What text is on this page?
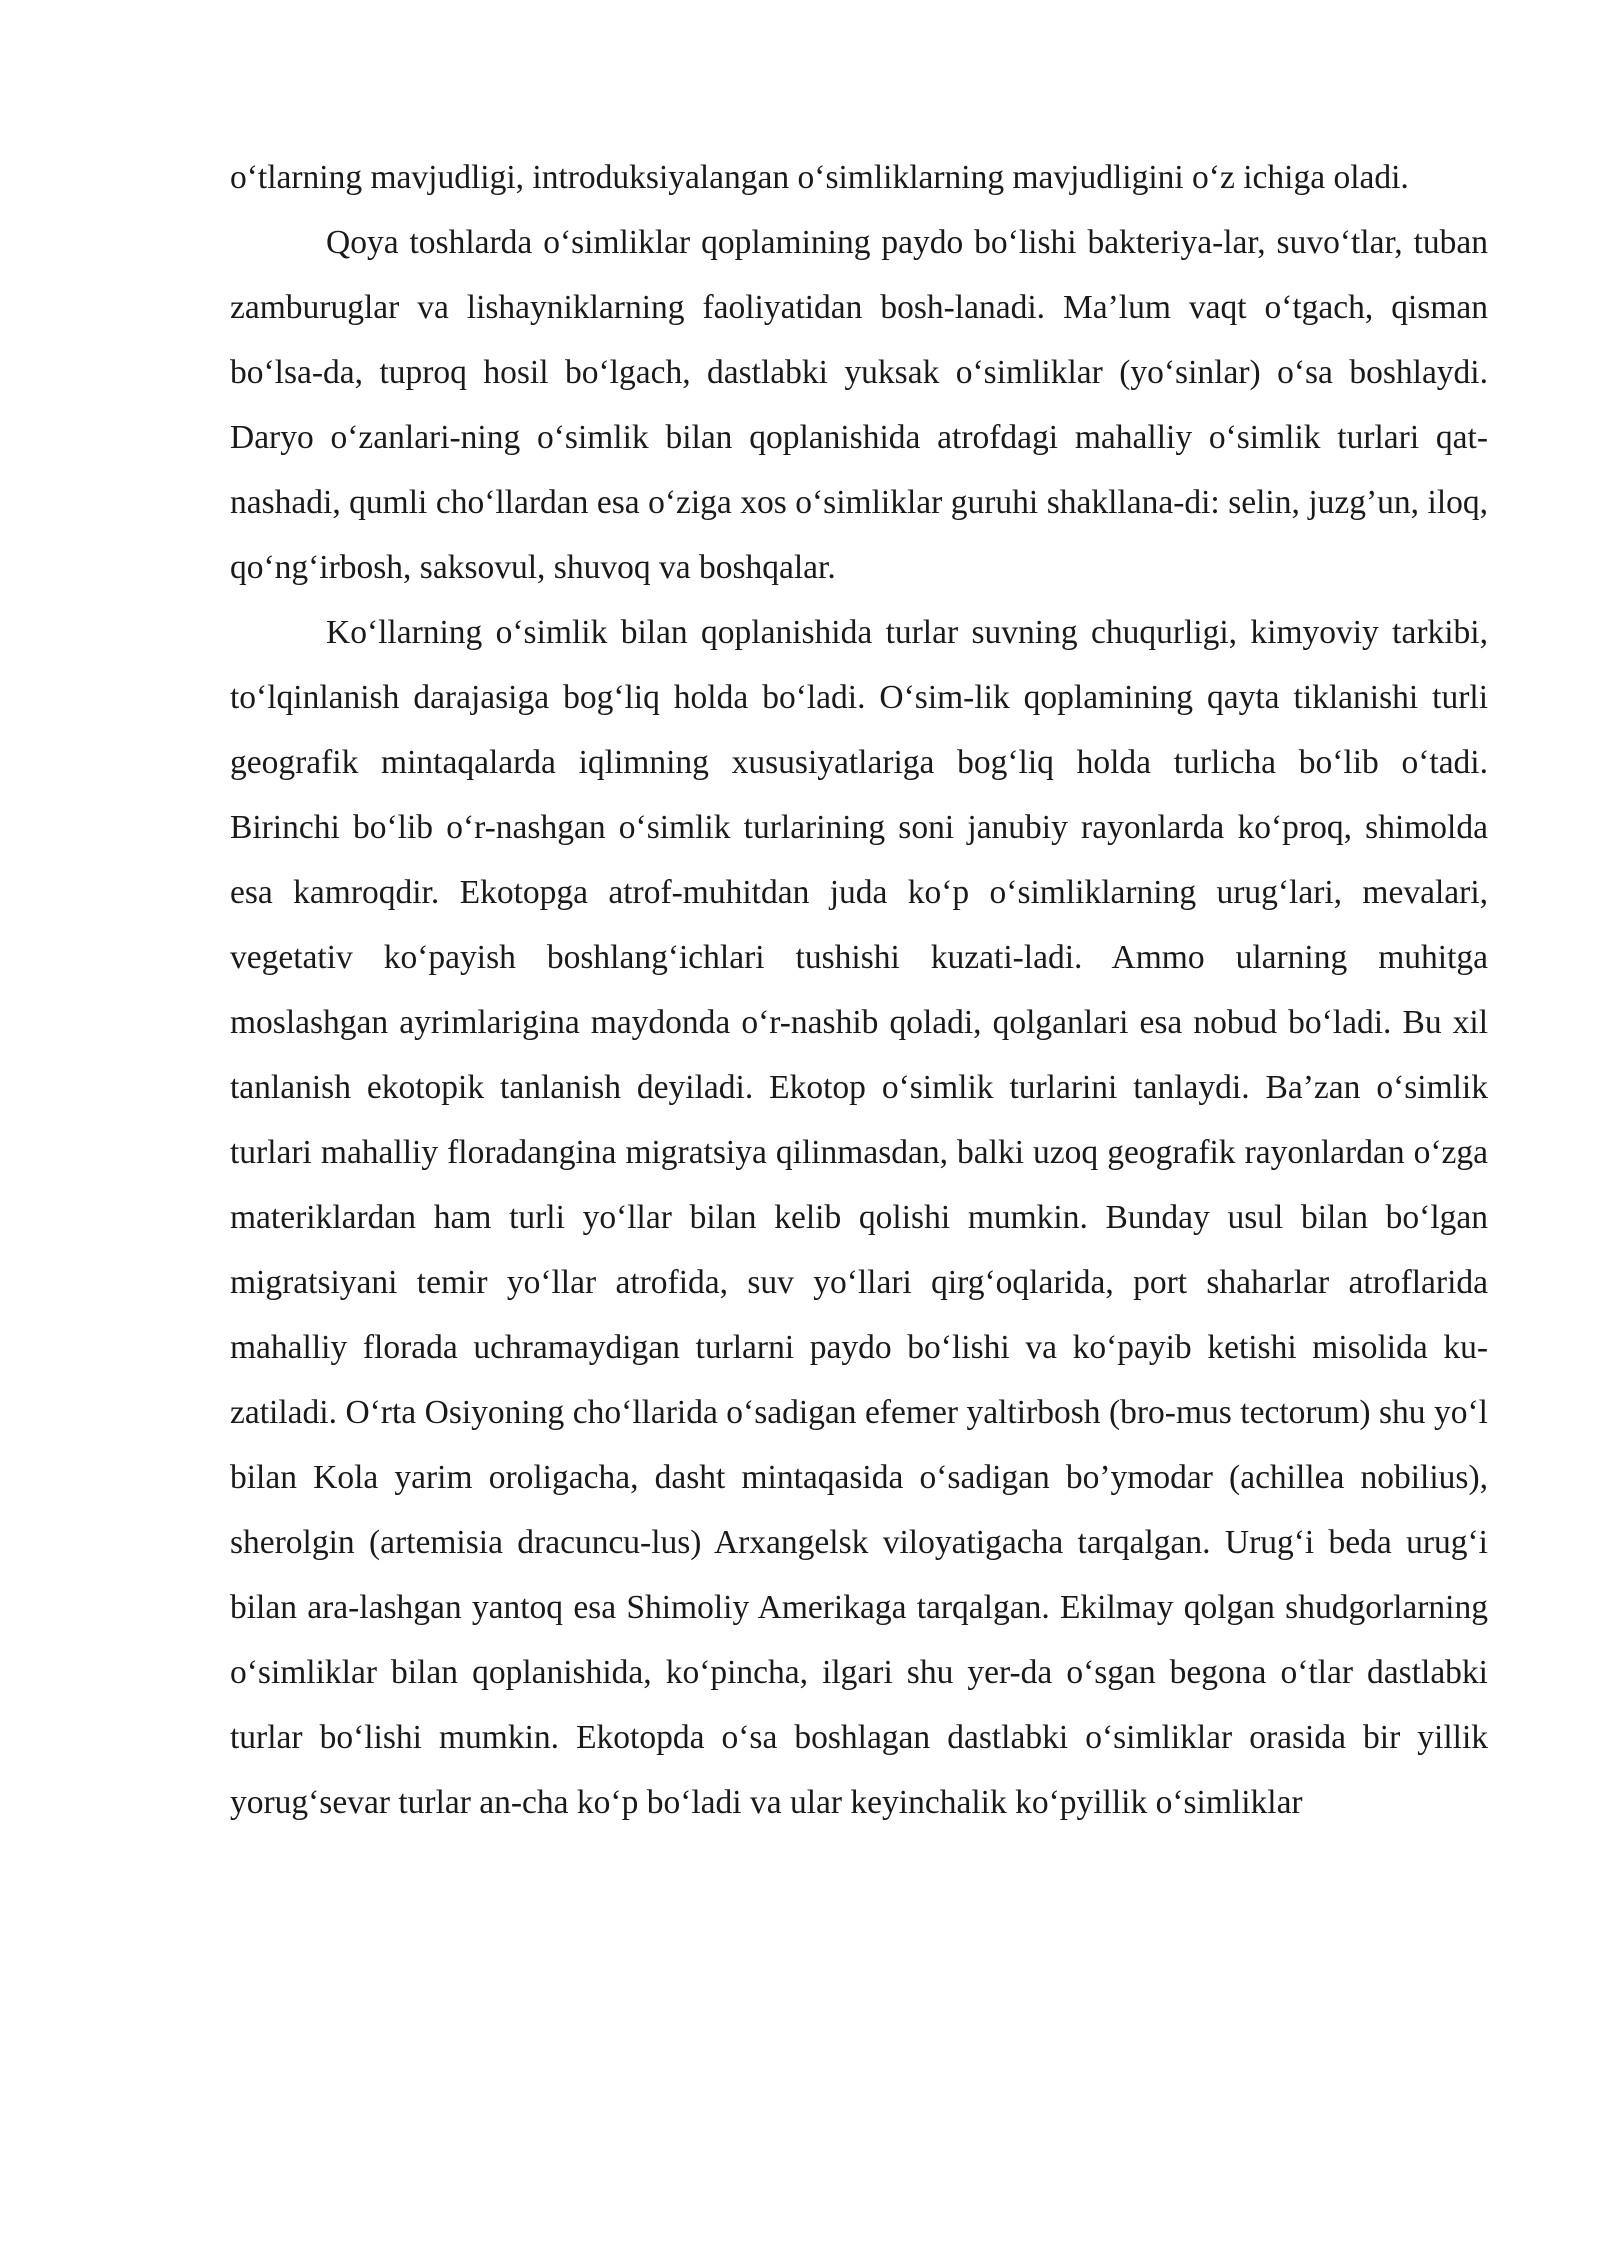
o‘tlarning mavjudligi, introduksiyalangan o‘simliklarning mavjudligini o‘z ichiga oladi.

Qoya toshlarda o‘simliklar qoplamining paydo bo‘lishi bakteriya-lar, suvo‘tlar, tuban zamburuglar va lishayniklarning faoliyatidan bosh-lanadi. Ma’lum vaqt o‘tgach, qisman bo‘lsa-da, tuproq hosil bo‘lgach, dastlabki yuksak o‘simliklar (yo‘sinlar) o‘sa boshlaydi. Daryo o‘zanlari-ning o‘simlik bilan qoplanishida atrofdagi mahalliy o‘simlik turlari qat-nashadi, qumli cho‘llardan esa o‘ziga xos o‘simliklar guruhi shakllana-di: selin, juzg’un, iloq, qo‘ng‘irbosh, saksovul, shuvoq va boshqalar.

Ko‘llarning o‘simlik bilan qoplanishida turlar suvning chuqurligi, kimyoviy tarkibi, to‘lqinlanish darajasiga bog‘liq holda bo‘ladi. O‘sim-lik qoplamining qayta tiklanishi turli geografik mintaqalarda iqlimning xususiyatlariga bog‘liq holda turlicha bo‘lib o‘tadi. Birinchi bo‘lib o‘r-nashgan o‘simlik turlarining soni janubiy rayonlarda ko‘proq, shimolda esa kamroqdir. Ekotopga atrof-muhitdan juda ko‘p o‘simliklarning urug‘lari, mevalari, vegetativ ko‘payish boshlang‘ichlari tushishi kuzati-ladi. Ammo ularning muhitga moslashgan ayrimlarigina maydonda o‘r-nashib qoladi, qolganlari esa nobud bo‘ladi. Bu xil tanlanish ekotopik tanlanish deyiladi. Ekotop o‘simlik turlarini tanlaydi. Ba’zan o‘simlik turlari mahalliy floradangina migratsiya qilinmasdan, balki uzoq geografik rayonlardan o‘zga materiklardan ham turli yo‘llar bilan kelib qolishi mumkin. Bunday usul bilan bo‘lgan migratsiyani temir yo‘llar atrofida, suv yo‘llari qirg‘oqlarida, port shaharlar atroflarida mahalliy florada uchramaydigan turlarni paydo bo‘lishi va ko‘payib ketishi misolida ku-zatiladi. O‘rta Osiyoning cho‘llarida o‘sadigan efemer yaltirbosh (bro-mus tectorum) shu yo‘l bilan Kola yarim oroligacha, dasht mintaqasida o‘sadigan bo’ymodar (achillea nobilius), sherolgin (artemisia dracuncu-lus) Arxangelsk viloyatigacha tarqalgan. Urug‘i beda urug‘i bilan ara-lashgan yantoq esa Shimoliy Amerikaga tarqalgan. Ekilmay qolgan shudgorlarning o‘simliklar bilan qoplanishida, ko‘pincha, ilgari shu yer-da o‘sgan begona o‘tlar dastlabki turlar bo‘lishi mumkin. Ekotopda o‘sa boshlagan dastlabki o‘simliklar orasida bir yillik yorug‘sevar turlar an-cha ko‘p bo‘ladi va ular keyinchalik ko‘pyillik o‘simliklar
